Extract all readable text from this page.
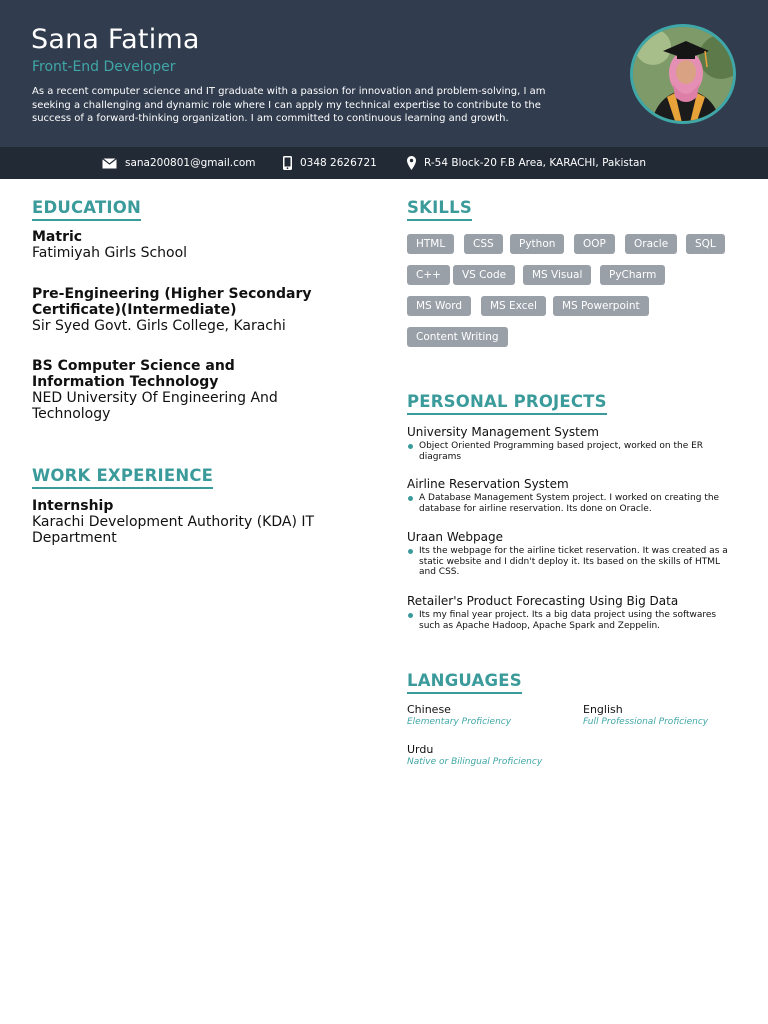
Sana Fatima
Front-End Developer
As a recent computer science and IT graduate with a passion for innovation and problem-solving, I am seeking a challenging and dynamic role where I can apply my technical expertise to contribute to the success of a forward-thinking organization. I am committed to continuous learning and growth.
sana200801@gmail.com	0348 2626721	R-54 Block-20 F.B Area, KARACHI, Pakistan
EDUCATION
Matric
Fatimiyah Girls School
Pre-Engineering (Higher Secondary Certificate)(Intermediate)
Sir Syed Govt. Girls College, Karachi
BS Computer Science and Information Technology
NED University Of Engineering And Technology
WORK EXPERIENCE
Internship
Karachi Development Authority (KDA) IT Department
SKILLS
HTML	CSS	Python	OOP	Oracle	SQL
C++	VS Code	MS Visual	PyCharm
MS Word	MS Excel	MS Powerpoint
Content Writing
PERSONAL PROJECTS
University Management System
Object Oriented Programming based project, worked on the ER diagrams
Airline Reservation System
A Database Management System project. I worked on creating the database for airline reservation. Its done on Oracle.
Uraan Webpage
Its the webpage for the airline ticket reservation. It was created as a static website and I didn't deploy it. Its based on the skills of HTML and CSS.
Retailer's Product Forecasting Using Big Data
Its my final year project. Its a big data project using the softwares such as Apache Hadoop, Apache Spark and Zeppelin.
LANGUAGES
Chinese
Elementary Proficiency
English
Full Professional Proficiency
Urdu
Native or Bilingual Proficiency
